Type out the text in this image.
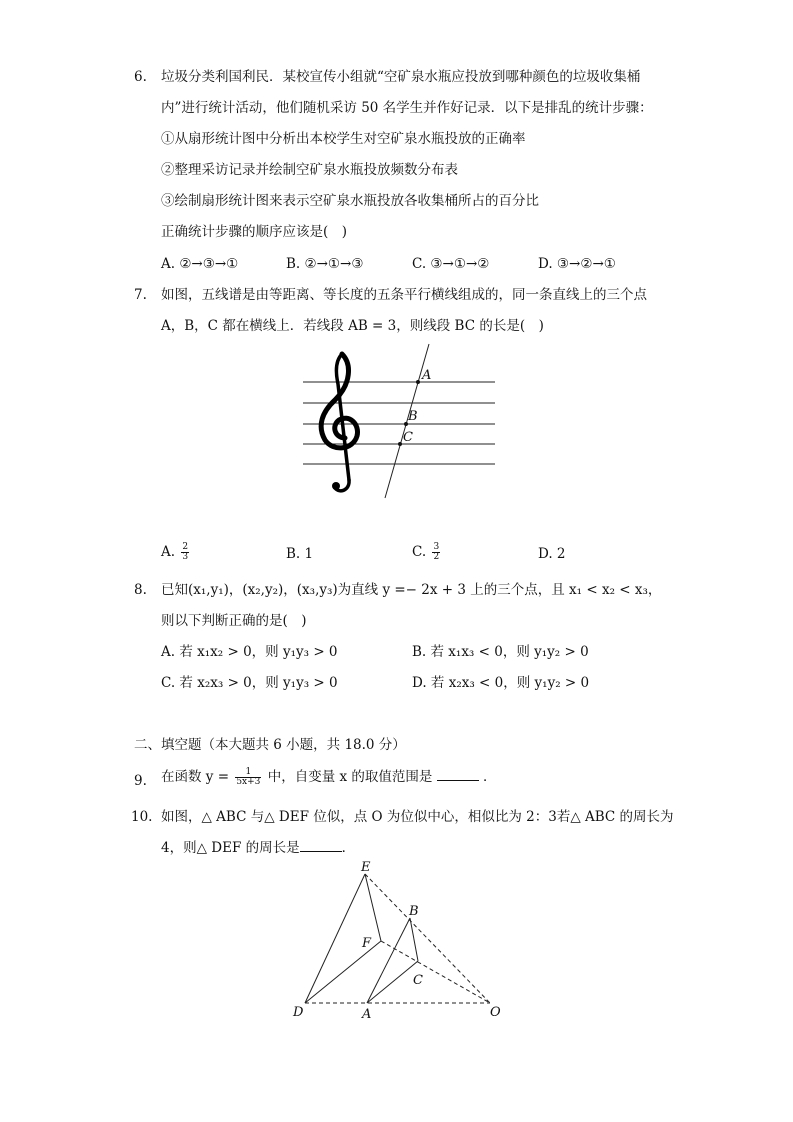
6. 垃圾分类利国利民．某校宣传小组就“空矿泉水瓶应投放到哪种颜色的垃圾收集桶
内”进行统计活动，他们随机采访 50 名学生并作好记录．以下是排乱的统计步骤：
①从扇形统计图中分析出本校学生对空矿泉水瓶投放的正确率
②整理采访记录并绘制空矿泉水瓶投放频数分布表
③绘制扇形统计图来表示空矿泉水瓶投放各收集桶所占的百分比
正确统计步骤的顺序应该是(　)
A. ②→③→①	B. ②→①→③	C. ③→①→②	D. ③→②→①
7. 如图，五线谱是由等距离、等长度的五条平行横线组成的，同一条直线上的三个点
A，B，C 都在横线上．若线段 AB = 3，则线段 BC 的长是(　)
A
B
C
A. $\frac{2}{3}$	B. 1	C. $\frac{3}{2}$	D. 2
8. 已知(x₁,y₁)，(x₂,y₂)，(x₃,y₃)为直线 y =− 2x + 3 上的三个点，且 x₁ < x₂ < x₃，
则以下判断正确的是(　)
A. 若 x₁x₂ > 0，则 y₁y₃ > 0	B. 若 x₁x₃ < 0，则 y₁y₂ > 0
C. 若 x₂x₃ > 0，则 y₁y₃ > 0	D. 若 x₂x₃ < 0，则 y₁y₂ > 0
二、填空题（本大题共 6 小题，共 18.0 分）
9. 在函数 $y = \frac{1}{5x+3}$ 中，自变量 x 的取值范围是	．
10. 如图，△ ABC 与△ DEF 位似，点 O 为位似中心，相似比为 2：3若△ ABC 的周长为
4，则△ DEF 的周长是	．
E
F
D
B
C
A	O
